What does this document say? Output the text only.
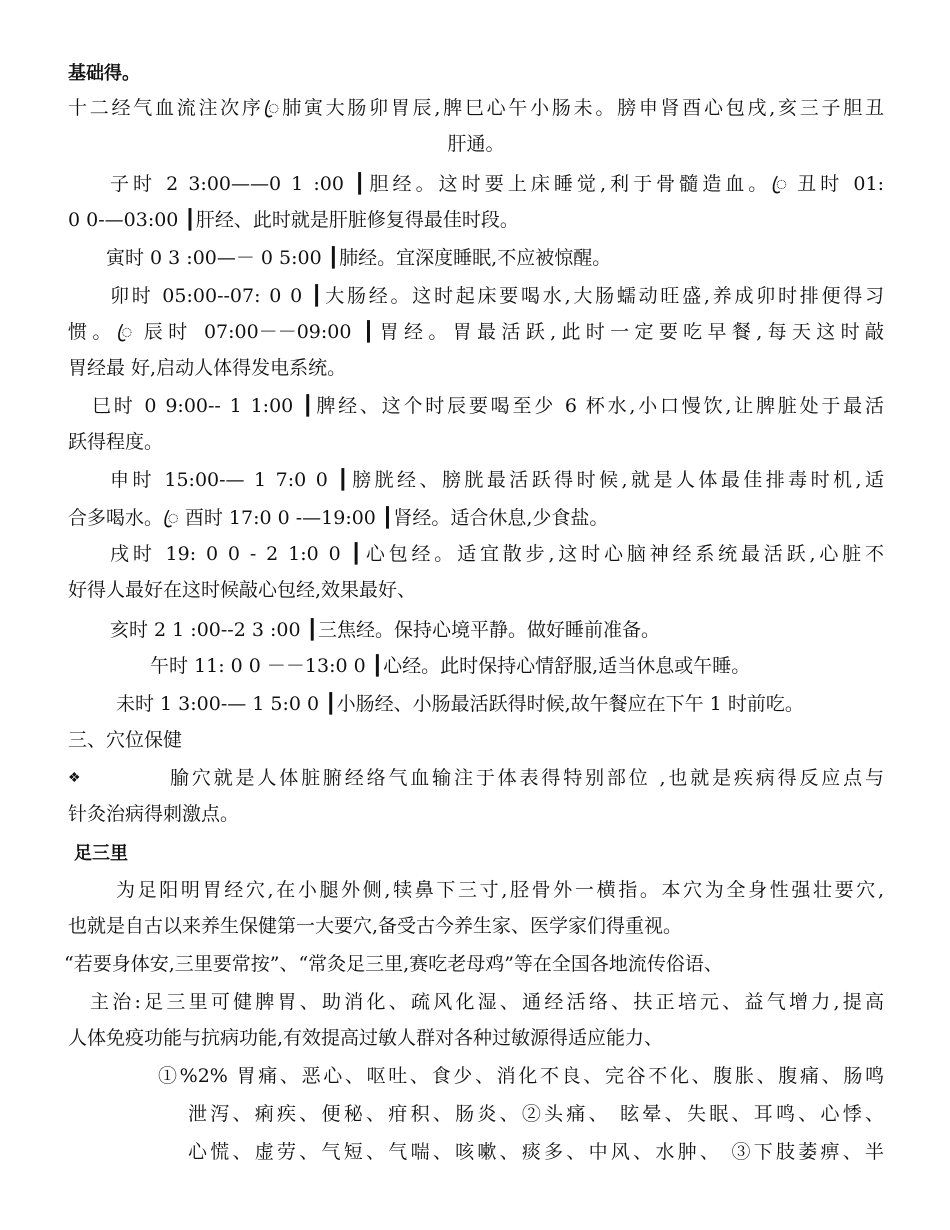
基础得。
十二经气血流注次序ꦿ肺寅大肠卯胃辰,脾巳心午小肠未。膀申肾酉心包戌,亥三子胆丑
肝通。
子时 2 3:00——0 1 :00 ┃胆经。这时要上床睡觉,利于骨髓造血。ꦿ 丑时 01:
0 0-—03:00 ┃肝经、此时就是肝脏修复得最佳时段。
寅时 0 3 :00—－ 0 5:00 ┃肺经。宜深度睡眠,不应被惊醒。
卯时 05:00--07: 0 0 ┃大肠经。这时起床要喝水,大肠蠕动旺盛,养成卯时排便得习
惯。ꦿ 辰时 07:00－－09:00 ┃胃经。胃最活跃,此时一定要吃早餐,每天这时敲
胃经最 好,启动人体得发电系统。
巳时 0 9:00-- 1 1:00 ┃脾经、这个时辰要喝至少 6 杯水,小口慢饮,让脾脏处于最活
跃得程度。
申时 15:00-— 1 7:0 0 ┃膀胱经、膀胱最活跃得时候,就是人体最佳排毒时机,适
合多喝水。ꦿ 酉时 17:0 0 -—19:00 ┃肾经。适合休息,少食盐。
戌时 19: 0 0 - 2 1:0 0 ┃心包经。适宜散步,这时心脑神经系统最活跃,心脏不
好得人最好在这时候敲心包经,效果最好、
亥时 2 1 :00--2 3 :00 ┃三焦经。保持心境平静。做好睡前准备。
午时 11: 0 0 －－13:0 0 ┃心经。此时保持心情舒服,适当休息或午睡。
未时 1 3:00-— 1 5:0 0 ┃小肠经、小肠最活跃得时候,故午餐应在下午 1 时前吃。
三、穴位保健
❖	腧穴就是人体脏腑经络气血输注于体表得特别部位 ,也就是疾病得反应点与
针灸治病得刺激点。
足三里
为足阳明胃经穴,在小腿外侧,犊鼻下三寸,胫骨外一横指。本穴为全身性强壮要穴,
也就是自古以来养生保健第一大要穴,备受古今养生家、医学家们得重视。
“若要身体安,三里要常按”、“常灸足三里,赛吃老母鸡”等在全国各地流传俗语、
主治:足三里可健脾胃、助消化、疏风化湿、通经活络、扶正培元、益气增力,提高
人体免疫功能与抗病功能,有效提高过敏人群对各种过敏源得适应能力、
①%2% 胃痛、恶心、呕吐、食少、消化不良、完谷不化、腹胀、腹痛、肠鸣
泄泻、痢疾、便秘、疳积、肠炎、②头痛、 眩晕、失眠、耳鸣、心悸、
心慌、虚劳、气短、气喘、咳嗽、痰多、中风、水肿、 ③下肢萎痹、半
